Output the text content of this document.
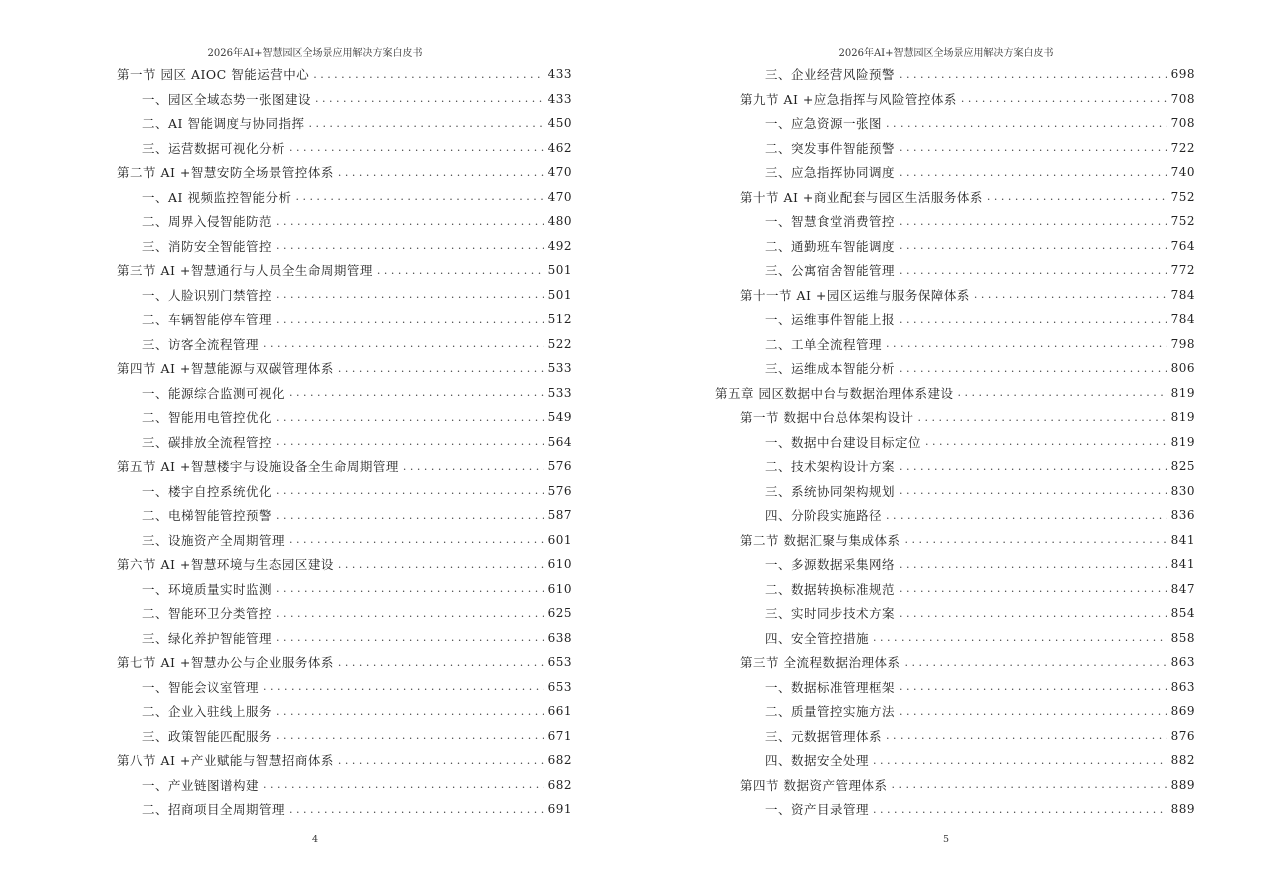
2026年AI+智慧园区全场景应用解决方案白皮书
第一节 园区 AIOC 智能运营中心 . . .	433
一、园区全域态势一张图建设 . . .	433
二、AI 智能调度与协同指挥 . . .	450
三、运营数据可视化分析 . . .	462
第二节 AI +智慧安防全场景管控体系 . . .	470
一、AI 视频监控智能分析 . . .	470
二、周界入侵智能防范 . . .	480
三、消防安全智能管控 . . .	492
第三节 AI +智慧通行与人员全生命周期管理 . . .	501
一、人脸识别门禁管控 . . .	501
二、车辆智能停车管理 . . .	512
三、访客全流程管理 . . .	522
第四节 AI +智慧能源与双碳管理体系 . . .	533
一、能源综合监测可视化 . . .	533
二、智能用电管控优化 . . .	549
三、碳排放全流程管控 . . .	564
第五节 AI +智慧楼宇与设施设备全生命周期管理 . . .	576
一、楼宇自控系统优化 . . .	576
二、电梯智能管控预警 . . .	587
三、设施资产全周期管理 . . .	601
第六节 AI +智慧环境与生态园区建设 . . .	610
一、环境质量实时监测 . . .	610
二、智能环卫分类管控 . . .	625
三、绿化养护智能管理 . . .	638
第七节 AI +智慧办公与企业服务体系 . . .	653
一、智能会议室管理 . . .	653
二、企业入驻线上服务 . . .	661
三、政策智能匹配服务 . . .	671
第八节 AI +产业赋能与智慧招商体系 . . .	682
一、产业链图谱构建 . . .	682
二、招商项目全周期管理 . . .	691
4
2026年AI+智慧园区全场景应用解决方案白皮书
三、企业经营风险预警 . . .	698
第九节 AI +应急指挥与风险管控体系 . . .	708
一、应急资源一张图 . . .	708
二、突发事件智能预警 . . .	722
三、应急指挥协同调度 . . .	740
第十节 AI +商业配套与园区生活服务体系 . . .	752
一、智慧食堂消费管控 . . .	752
二、通勤班车智能调度 . . .	764
三、公寓宿舍智能管理 . . .	772
第十一节 AI +园区运维与服务保障体系 . . .	784
一、运维事件智能上报 . . .	784
二、工单全流程管理 . . .	798
三、运维成本智能分析 . . .	806
第五章 园区数据中台与数据治理体系建设 . . .	819
第一节 数据中台总体架构设计 . . .	819
一、数据中台建设目标定位 . . .	819
二、技术架构设计方案 . . .	825
三、系统协同架构规划 . . .	830
四、分阶段实施路径 . . .	836
第二节 数据汇聚与集成体系 . . .	841
一、多源数据采集网络 . . .	841
二、数据转换标准规范 . . .	847
三、实时同步技术方案 . . .	854
四、安全管控措施 . . .	858
第三节 全流程数据治理体系 . . .	863
一、数据标准管理框架 . . .	863
二、质量管控实施方法 . . .	869
三、元数据管理体系 . . .	876
四、数据安全处理 . . .	882
第四节 数据资产管理体系 . . .	889
一、资产目录管理 . . .	889
5
